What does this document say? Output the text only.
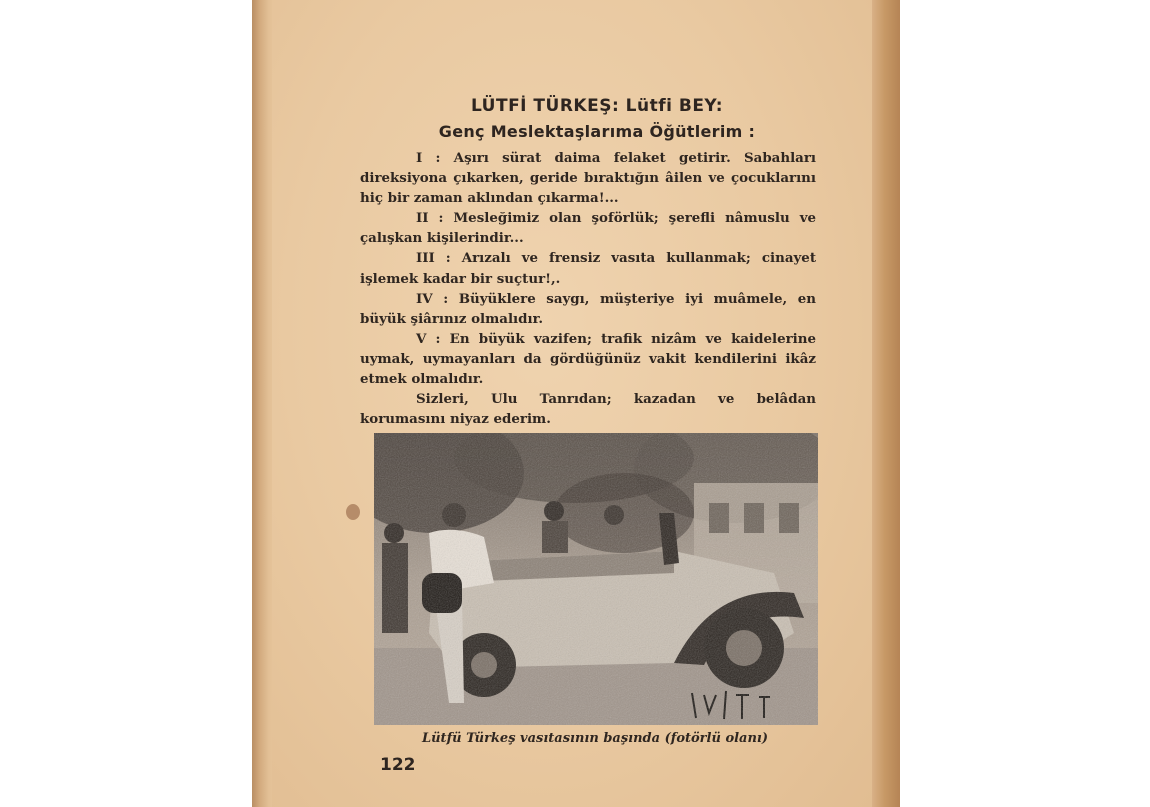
LÜTFİ TÜRKEŞ: Lütfi BEY:
Genç Meslektaşlarıma Öğütlerim :

I : Aşırı sürat daima felaket getirir. Sabahları direksiyona çıkarken, geride bıraktığın âilen ve çocuklarını hiç bir zaman aklından çıkarma!...

II : Mesleğimiz olan şoförlük; şerefli nâmuslu ve çalışkan kişilerindir...

III : Arızalı ve frensiz vasıta kullanmak; cinayet işlemek kadar bir suçtur!,.

IV : Büyüklere saygı, müşteriye iyi muâmele, en büyük şiârınız olmalıdır.

V : En büyük vazifen; trafik nizâm ve kaidelerine uymak, uymayanları da gördüğünüz vakit kendilerini ikâz etmek olmalıdır.

Sizleri, Ulu Tanrıdan; kazadan ve belâdan korumasını niyaz ederim.

Lütfü Türkeş vasıtasının başında (fotörlü olanı)
122
